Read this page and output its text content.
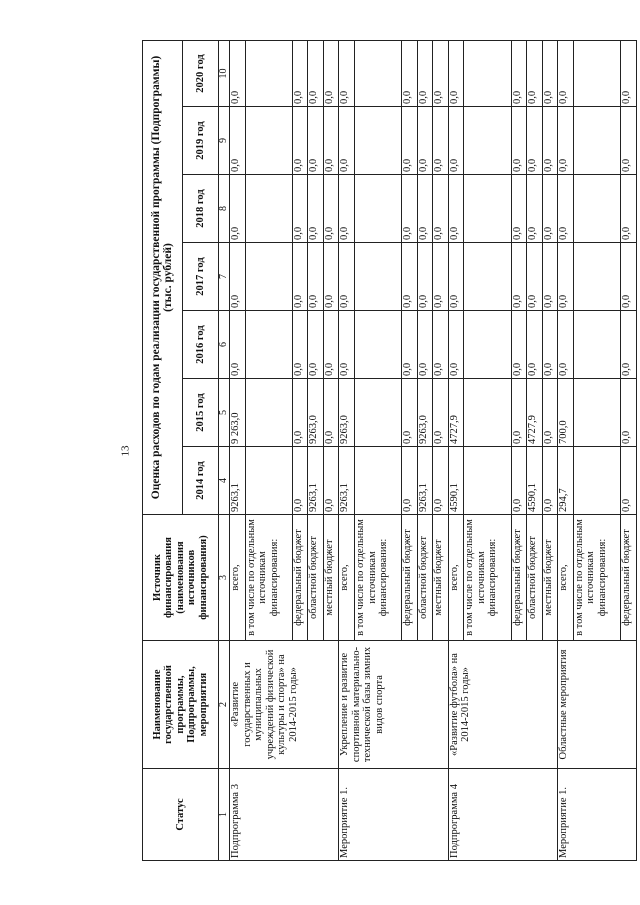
13
Статус	Наименование государственной программы, Подпрограммы, мероприятия	Источник финансирования (наименования источников финансирования)	Оценка расходов по годам реализации государственной программы (Подпрограммы) (тыс. рублей)						
			2014 год	2015 год	2016 год	2017 год	2018 год	2019 год	2020 год
1	2	3	4	5	6	7	8	9	10
Подпрограмма 3	«Развитие государственных и муниципальных учреждений физической культуры и спорта» на 2014-2015 годы»	всего,	9263,1	9 263,0	0,0	0,0	0,0	0,0	0,0
		в том числе по отдельным источникам финансирования:							
		федеральный бюджет	0,0	0,0	0,0	0,0	0,0	0,0	0,0
		областной бюджет	9263,1	9263,0	0,0	0,0	0,0	0,0	0,0
		местный бюджет	0,0	0,0	0,0	0,0	0,0	0,0	0,0
Мероприятие 1.	Укрепление и развитие спортивной материально-технической базы зимних видов спорта	всего,	9263,1	9263,0	0,0	0,0	0,0	0,0	0,0
		в том числе по отдельным источникам финансирования:							
		федеральный бюджет	0,0	0,0	0,0	0,0	0,0	0,0	0,0
		областной бюджет	9263,1	9263,0	0,0	0,0	0,0	0,0	0,0
		местный бюджет	0,0	0,0	0,0	0,0	0,0	0,0	0,0
Подпрограмма 4	«Развитие футбола» на 2014-2015 годы»	всего,	4590,1	4727,9	0,0	0,0	0,0	0,0	0,0
		в том числе по отдельным источникам финансирования:							
		федеральный бюджет	0,0	0,0	0,0	0,0	0,0	0,0	0,0
		областной бюджет	4590,1	4727,9	0,0	0,0	0,0	0,0	0,0
		местный бюджет	0,0	0,0	0,0	0,0	0,0	0,0	0,0
Мероприятие 1.	Областные мероприятия	всего,	294,7	700,0	0,0	0,0	0,0	0,0	0,0
		в том числе по отдельным источникам финансирования:							
		федеральный бюджет	0,0	0,0	0,0	0,0	0,0	0,0	0,0
